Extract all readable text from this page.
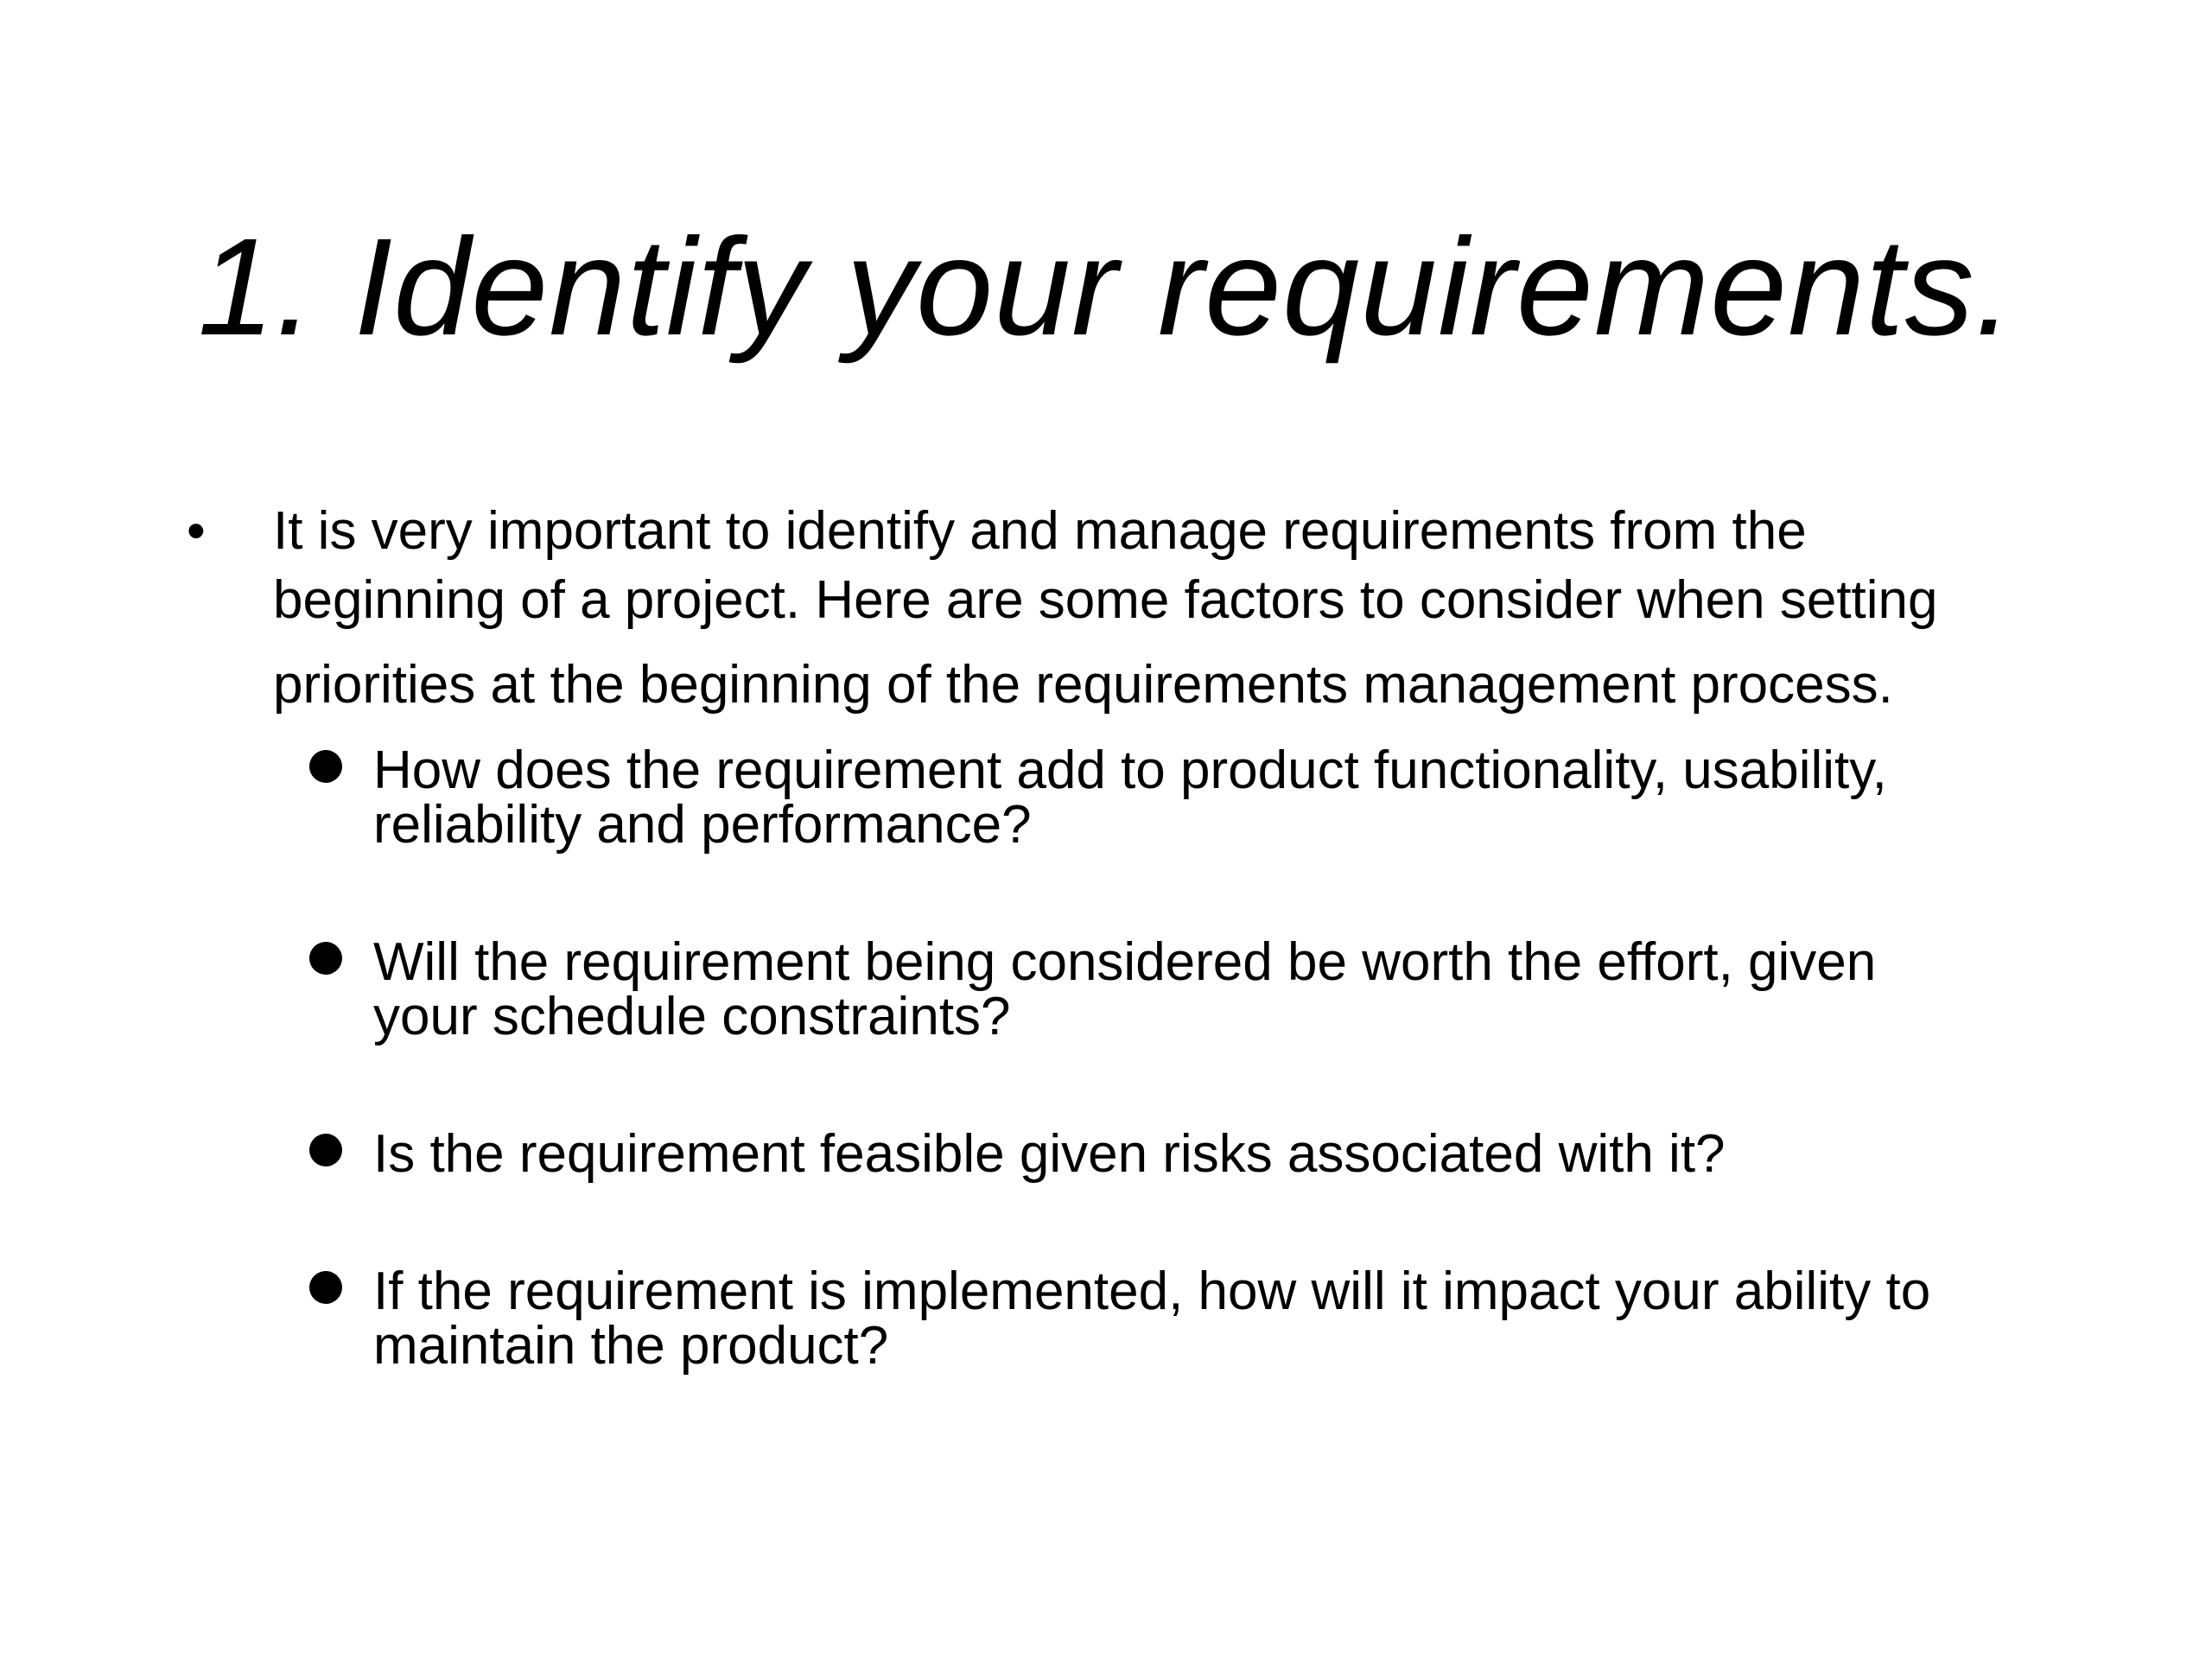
1. Identify your requirements.
• It is very important to identify and manage requirements from the
beginning of a project. Here are some factors to consider when setting
priorities at the beginning of the requirements management process.
How does the requirement add to product functionality, usability,
reliability and performance?
Will the requirement being considered be worth the effort, given
your schedule constraints?
Is the requirement feasible given risks associated with it?
If the requirement is implemented, how will it impact your ability to
maintain the product?
